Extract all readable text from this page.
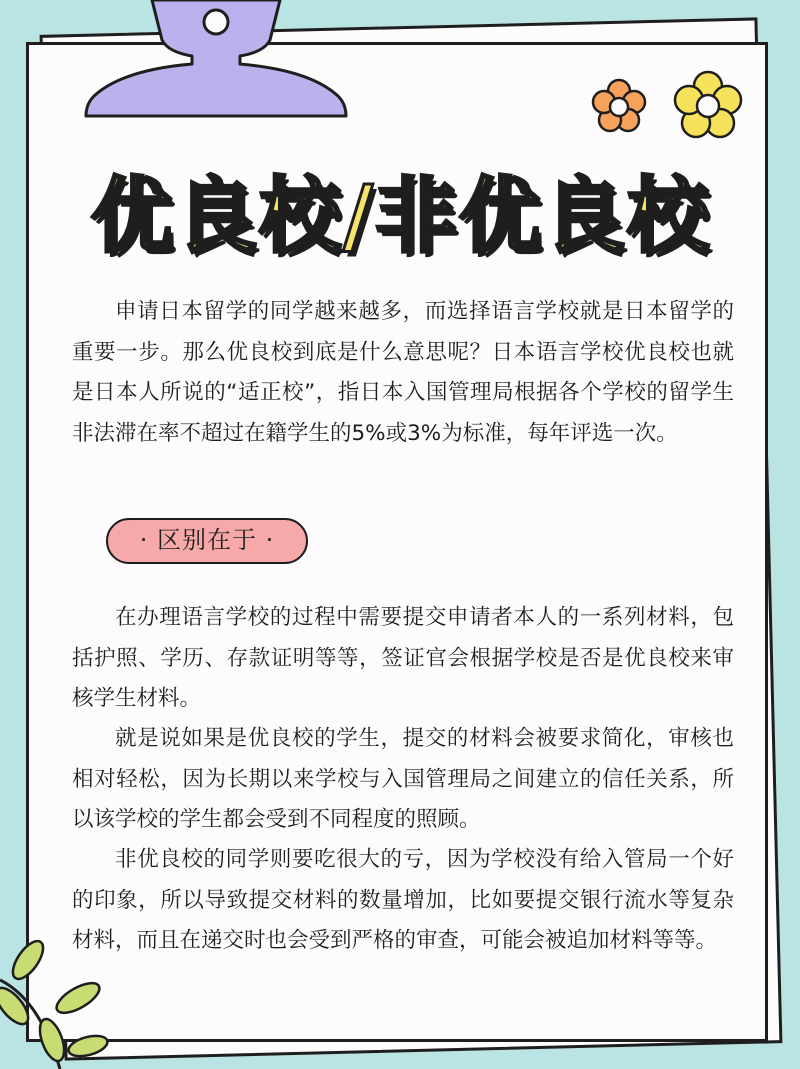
优良校/非优良校

申请日本留学的同学越来越多，而选择语言学校就是日本留学的重要一步。那么优良校到底是什么意思呢？日本语言学校优良校也就是日本人所说的“适正校”，指日本入国管理局根据各个学校的留学生非法滞在率不超过在籍学生的5%或3%为标准，每年评选一次。

· 区别在于 ·

在办理语言学校的过程中需要提交申请者本人的一系列材料，包括护照、学历、存款证明等等，签证官会根据学校是否是优良校来审核学生材料。

就是说如果是优良校的学生，提交的材料会被要求简化，审核也相对轻松，因为长期以来学校与入国管理局之间建立的信任关系，所以该学校的学生都会受到不同程度的照顾。

非优良校的同学则要吃很大的亏，因为学校没有给入管局一个好的印象，所以导致提交材料的数量增加，比如要提交银行流水等复杂材料，而且在递交时也会受到严格的审查，可能会被追加材料等等。
